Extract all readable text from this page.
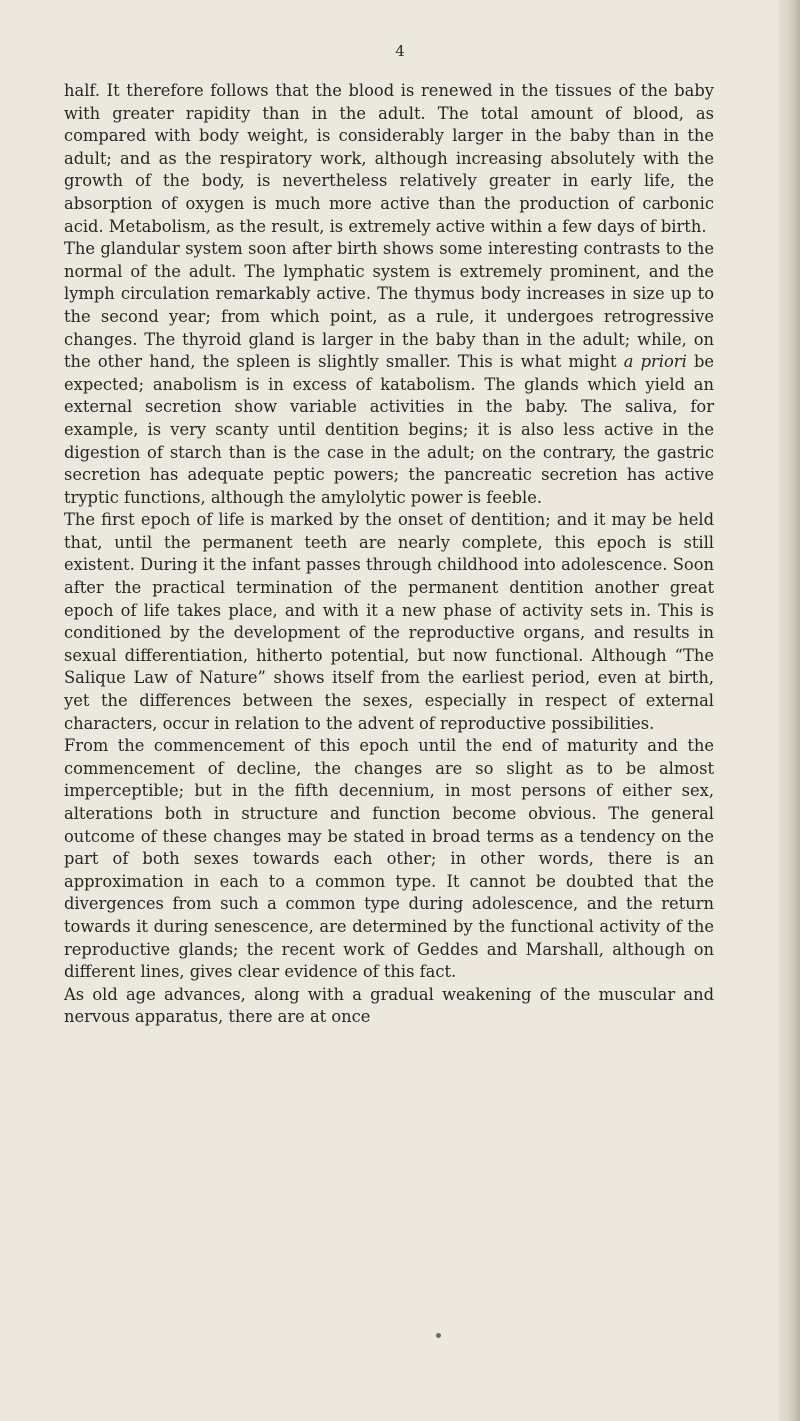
4

half. It therefore follows that the blood is renewed in the tissues of the baby with greater rapidity than in the adult. The total amount of blood, as compared with body weight, is considerably larger in the baby than in the adult; and as the respiratory work, although increasing absolutely with the growth of the body, is nevertheless relatively greater in early life, the absorption of oxygen is much more active than the production of carbonic acid. Metabolism, as the result, is extremely active within a few days of birth.

The glandular system soon after birth shows some interesting contrasts to the normal of the adult. The lymphatic system is extremely prominent, and the lymph circulation remarkably active. The thymus body increases in size up to the second year; from which point, as a rule, it undergoes retrogressive changes. The thyroid gland is larger in the baby than in the adult; while, on the other hand, the spleen is slightly smaller. This is what might a priori be expected; anabolism is in excess of katabolism. The glands which yield an external secretion show variable activities in the baby. The saliva, for example, is very scanty until dentition begins; it is also less active in the digestion of starch than is the case in the adult; on the contrary, the gastric secretion has adequate peptic powers; the pancreatic secretion has active tryptic functions, although the amylolytic power is feeble.

The first epoch of life is marked by the onset of dentition; and it may be held that, until the permanent teeth are nearly complete, this epoch is still existent. During it the infant passes through childhood into adolescence. Soon after the practical termination of the permanent dentition another great epoch of life takes place, and with it a new phase of activity sets in. This is conditioned by the development of the reproductive organs, and results in sexual differentiation, hitherto potential, but now functional. Although “The Salique Law of Nature” shows itself from the earliest period, even at birth, yet the differences between the sexes, especially in respect of external characters, occur in relation to the advent of reproductive possibilities.

From the commencement of this epoch until the end of maturity and the commencement of decline, the changes are so slight as to be almost imperceptible; but in the fifth decennium, in most persons of either sex, alterations both in structure and function become obvious. The general outcome of these changes may be stated in broad terms as a tendency on the part of both sexes towards each other; in other words, there is an approximation in each to a common type. It cannot be doubted that the divergences from such a common type during adolescence, and the return towards it during senescence, are determined by the functional activity of the reproductive glands; the recent work of Geddes and Marshall, although on different lines, gives clear evidence of this fact.

As old age advances, along with a gradual weakening of the muscular and nervous apparatus, there are at once
